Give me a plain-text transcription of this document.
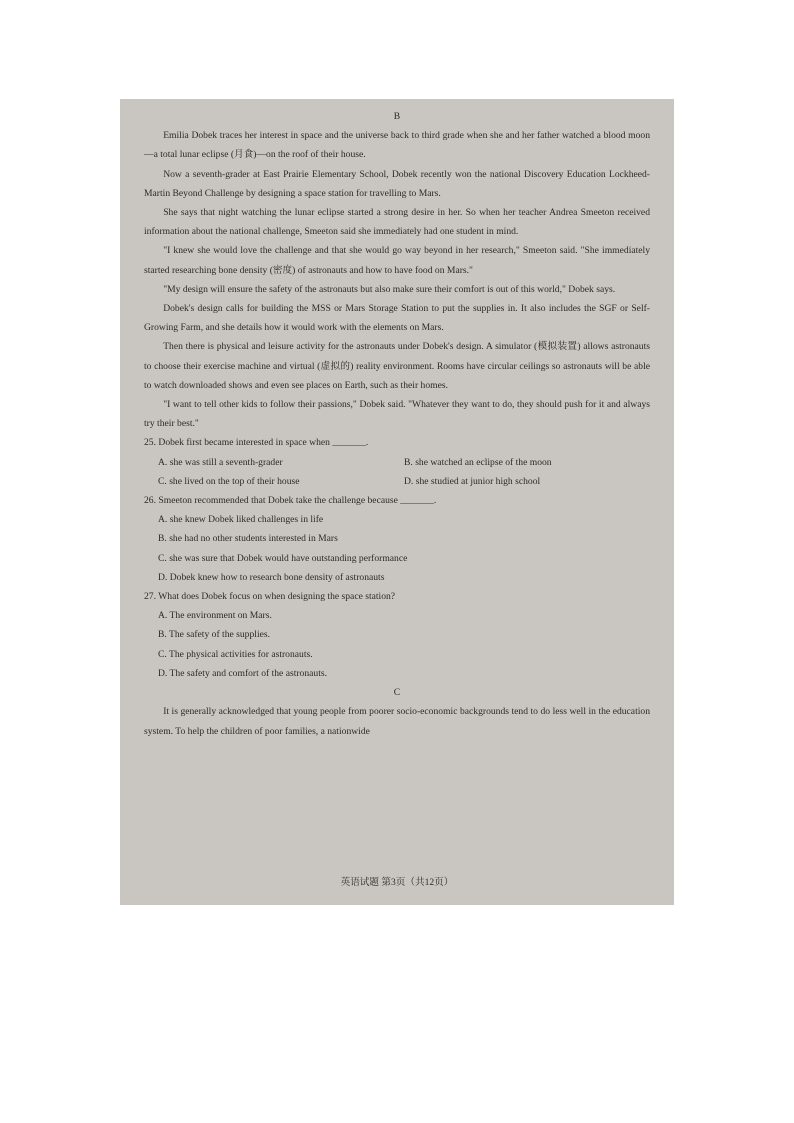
B

Emilia Dobek traces her interest in space and the universe back to third grade when she and her father watched a blood moon—a total lunar eclipse (月食)—on the roof of their house.

Now a seventh-grader at East Prairie Elementary School, Dobek recently won the national Discovery Education Lockheed-Martin Beyond Challenge by designing a space station for travelling to Mars.

She says that night watching the lunar eclipse started a strong desire in her. So when her teacher Andrea Smeeton received information about the national challenge, Smeeton said she immediately had one student in mind.

"I knew she would love the challenge and that she would go way beyond in her research," Smeeton said. "She immediately started researching bone density (密度) of astronauts and how to have food on Mars."

"My design will ensure the safety of the astronauts but also make sure their comfort is out of this world," Dobek says.

Dobek's design calls for building the MSS or Mars Storage Station to put the supplies in. It also includes the SGF or Self-Growing Farm, and she details how it would work with the elements on Mars.

Then there is physical and leisure activity for the astronauts under Dobek's design. A simulator (模拟装置) allows astronauts to choose their exercise machine and virtual (虚拟的) reality environment. Rooms have circular ceilings so astronauts will be able to watch downloaded shows and even see places on Earth, such as their homes.

"I want to tell other kids to follow their passions," Dobek said. "Whatever they want to do, they should push for it and always try their best."

25. Dobek first became interested in space when _______.

A. she was still a seventh-grader	B. she watched an eclipse of the moon

C. she lived on the top of their house	D. she studied at junior high school

26. Smeeton recommended that Dobek take the challenge because _______.

A. she knew Dobek liked challenges in life

B. she had no other students interested in Mars

C. she was sure that Dobek would have outstanding performance

D. Dobek knew how to research bone density of astronauts

27. What does Dobek focus on when designing the space station?

A. The environment on Mars.

B. The safety of the supplies.

C. The physical activities for astronauts.

D. The safety and comfort of the astronauts.

C

It is generally acknowledged that young people from poorer socio-economic backgrounds tend to do less well in the education system. To help the children of poor families, a nationwide

英语试题 第3页（共12页）
